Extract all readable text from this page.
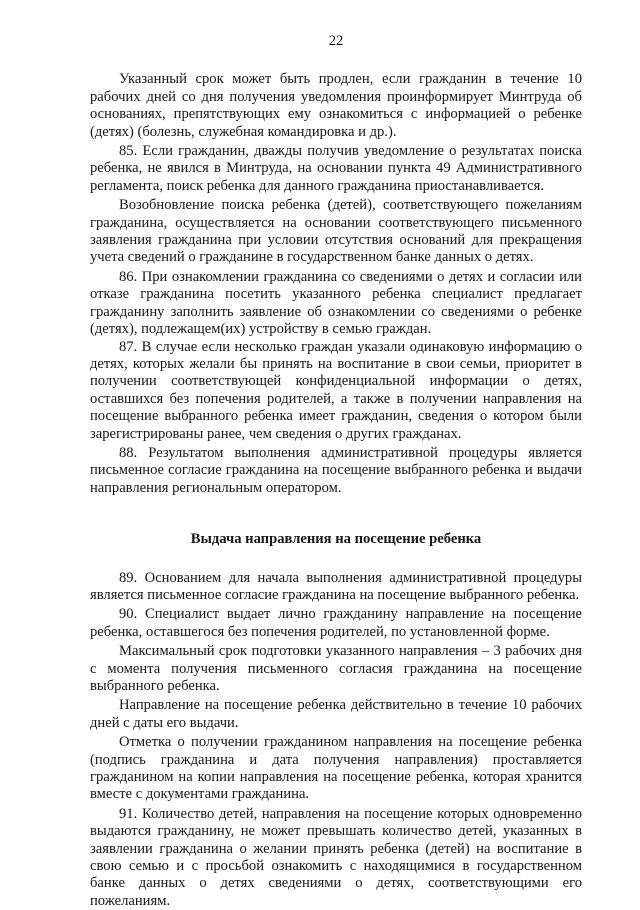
22

Указанный срок может быть продлен, если гражданин в течение 10 рабочих дней со дня получения уведомления проинформирует Минтруда об основаниях, препятствующих ему ознакомиться с информацией о ребенке (детях) (болезнь, служебная командировка и др.).

85. Если гражданин, дважды получив уведомление о результатах поиска ребенка, не явился в Минтруда, на основании пункта 49 Административного регламента, поиск ребенка для данного гражданина приостанавливается.

Возобновление поиска ребенка (детей), соответствующего пожеланиям гражданина, осуществляется на основании соответствующего письменного заявления гражданина при условии отсутствия оснований для прекращения учета сведений о гражданине в государственном банке данных о детях.

86. При ознакомлении гражданина со сведениями о детях и согласии или отказе гражданина посетить указанного ребенка специалист предлагает гражданину заполнить заявление об ознакомлении со сведениями о ребенке (детях), подлежащем(их) устройству в семью граждан.

87. В случае если несколько граждан указали одинаковую информацию о детях, которых желали бы принять на воспитание в свои семьи, приоритет в получении соответствующей конфиденциальной информации о детях, оставшихся без попечения родителей, а также в получении направления на посещение выбранного ребенка имеет гражданин, сведения о котором были зарегистрированы ранее, чем сведения о других гражданах.

88. Результатом выполнения административной процедуры является письменное согласие гражданина на посещение выбранного ребенка и выдачи направления региональным оператором.

Выдача направления на посещение ребенка

89. Основанием для начала выполнения административной процедуры является письменное согласие гражданина на посещение выбранного ребенка.

90. Специалист выдает лично гражданину направление на посещение ребенка, оставшегося без попечения родителей, по установленной форме.

Максимальный срок подготовки указанного направления – 3 рабочих дня с момента получения письменного согласия гражданина на посещение выбранного ребенка.

Направление на посещение ребенка действительно в течение 10 рабочих дней с даты его выдачи.

Отметка о получении гражданином направления на посещение ребенка (подпись гражданина и дата получения направления) проставляется гражданином на копии направления на посещение ребенка, которая хранится вместе с документами гражданина.

91. Количество детей, направления на посещение которых одновременно выдаются гражданину, не может превышать количество детей, указанных в заявлении гражданина о желании принять ребенка (детей) на воспитание в свою семью и с просьбой ознакомить с находящимися в государственном банке данных о детях сведениями о детях, соответствующими его пожеланиям.
